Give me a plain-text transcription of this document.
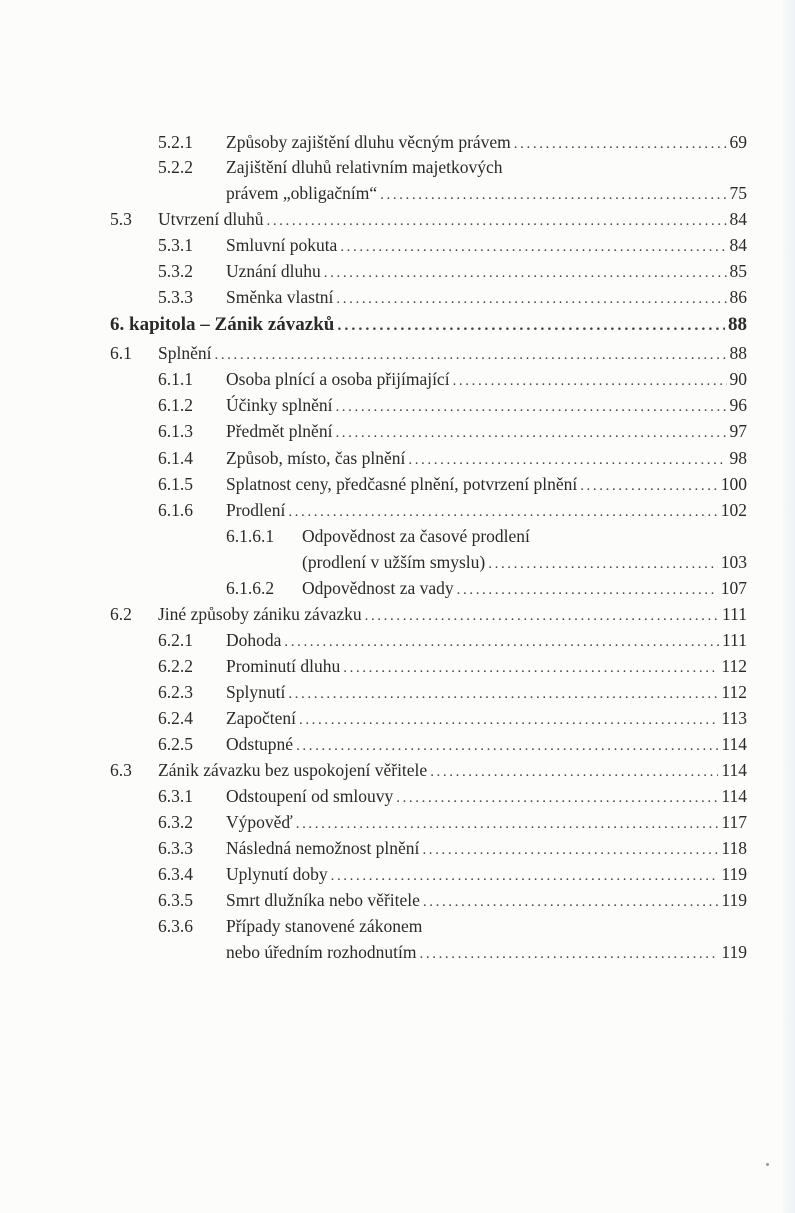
5.2.1 Způsoby zajištění dluhu věcným právem .....	69
5.2.2 Zajištění dluhů relativním majetkových
právem „obligačním“ .....	75
5.3 Utvrzení dluhů .....	84
5.3.1 Smluvní pokuta .....	84
5.3.2 Uznání dluhu .....	85
5.3.3 Směnka vlastní .....	86
6. kapitola – Zánik závazků .....	88
6.1 Splnění .....	88
6.1.1 Osoba plnící a osoba přijímající .....	90
6.1.2 Účinky splnění .....	96
6.1.3 Předmět plnění .....	97
6.1.4 Způsob, místo, čas plnění .....	98
6.1.5 Splatnost ceny, předčasné plnění, potvrzení plnění .....	100
6.1.6 Prodlení .....	102
6.1.6.1 Odpovědnost za časové prodlení
(prodlení v užším smyslu) .....	103
6.1.6.2 Odpovědnost za vady .....	107
6.2 Jiné způsoby zániku závazku .....	111
6.2.1 Dohoda .....	111
6.2.2 Prominutí dluhu .....	112
6.2.3 Splynutí .....	112
6.2.4 Započtení .....	113
6.2.5 Odstupné .....	114
6.3 Zánik závazku bez uspokojení věřitele .....	114
6.3.1 Odstoupení od smlouvy .....	114
6.3.2 Výpověď .....	117
6.3.3 Následná nemožnost plnění .....	118
6.3.4 Uplynutí doby .....	119
6.3.5 Smrt dlužníka nebo věřitele .....	119
6.3.6 Případy stanovené zákonem
nebo úředním rozhodnutím .....	119
